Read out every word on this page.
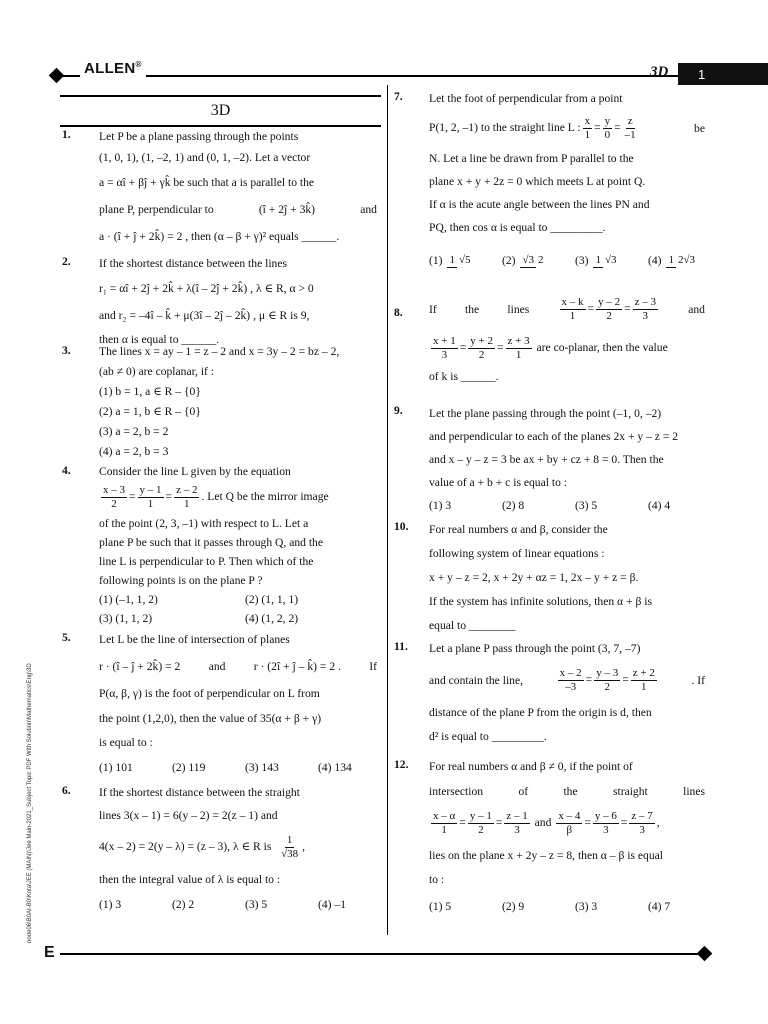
ALLEN®	3D	1
3D
node06\B0AI-B0\Kota\JEE (MAIN)\Jee Main-2021_Subject Topic PDF With Solution\Mathematics\Eng\3D
1. Let P be a plane passing through the points
(1, 0, 1), (1, –2, 1) and (0, 1, –2). Let a vector
a = αî + βĵ + γk̂ be such that a is parallel to the
plane P, perpendicular to	(î + 2ĵ + 3k̂)	and
a · (î + ĵ + 2k̂) = 2 , then (α – β + γ)² equals ______.
2. If the shortest distance between the lines
r₁ = αî + 2ĵ + 2k̂ + λ(î – 2ĵ + 2k̂) , λ ∈ R, α > 0
and r₂ = –4î – k̂ + μ(3î – 2ĵ – 2k̂) , μ ∈ R is 9,
then α is equal to ______.
3. The lines x = ay – 1 = z – 2 and x = 3y – 2 = bz – 2,
(ab ≠ 0) are coplanar, if :
(1) b = 1, a ∈ R – {0}
(2) a = 1, b ∈ R – {0}
(3) a = 2, b = 2
(4) a = 2, b = 3
4. Consider the line L given by the equation
$\frac{x - 3}{2} = \frac{y - 1}{1} = \frac{z - 2}{1}$ . Let Q be the mirror image
of the point (2, 3, –1) with respect to L. Let a
plane P be such that it passes through Q, and the
line L is perpendicular to P. Then which of the
following points is on the plane P ?
(1) (–1, 1, 2)	(2) (1, 1, 1)
(3) (1, 1, 2)	(4) (1, 2, 2)
5. Let L be the line of intersection of planes
r · (î – ĵ + 2k̂) = 2 and r · (2î + ĵ – k̂) = 2 . If
P(α, β, γ) is the foot of perpendicular on L from
the point (1,2,0), then the value of 35(α + β + γ)
is equal to :
(1) 101	(2) 119	(3) 143	(4) 134
6. If the shortest distance between the straight
lines 3(x – 1) = 6(y – 2) = 2(z – 1) and
4(x – 2) = 2(y – λ) = (z – 3), λ ∈ R is $\frac{1}{√38}$ ,
then the integral value of λ is equal to :
(1) 3	(2) 2	(3) 5	(4) –1
7. Let the foot of perpendicular from a point
P(1, 2, –1) to the straight line L : $\frac{x}{1} = \frac{y}{0} = \frac{z}{-1}$	be
N. Let a line be drawn from P parallel to the
plane x + y + 2z = 0 which meets L at point Q.
If α is the acute angle between the lines PN and
PQ, then cos α is equal to _________.
(1) 1 √5	(2) √3 2	(3) 1 √3	(4) 1 2√3
8. If the lines	$\frac{x - k}{1} = \frac{y - 2}{2} = \frac{z - 3}{3}$	and
$\frac{x + 1}{3} = \frac{y + 2}{2} = \frac{z + 3}{1}$ are co-planar, then the value
of k is ______.
9. Let the plane passing through the point (–1, 0, –2)
and perpendicular to each of the planes 2x + y – z = 2
and x – y – z = 3 be ax + by + cz + 8 = 0. Then the
value of a + b + c is equal to :
(1) 3	(2) 8	(3) 5	(4) 4
10. For real numbers α and β, consider the
following system of linear equations :
x + y – z = 2, x + 2y + αz = 1, 2x – y + z = β.
If the system has infinite solutions, then α + β is
equal to ________
11. Let a plane P pass through the point (3, 7, –7)
and contain the line,	$\frac{x - 2}{-3} = \frac{y - 3}{2} = \frac{z + 2}{1}$	. If
distance of the plane P from the origin is d, then
d² is equal to _________.
12. For real numbers α and β ≠ 0, if the point of
intersection	of	the	straight	lines
$\frac{x - \alpha}{1} = \frac{y - 1}{2} = \frac{z - 1}{3}$ and $\frac{x - 4}{\beta} = \frac{y - 6}{3} = \frac{z - 7}{3}$ ,
lies on the plane x + 2y – z = 8, then α – β is equal
to :
(1) 5	(2) 9	(3) 3	(4) 7
E
